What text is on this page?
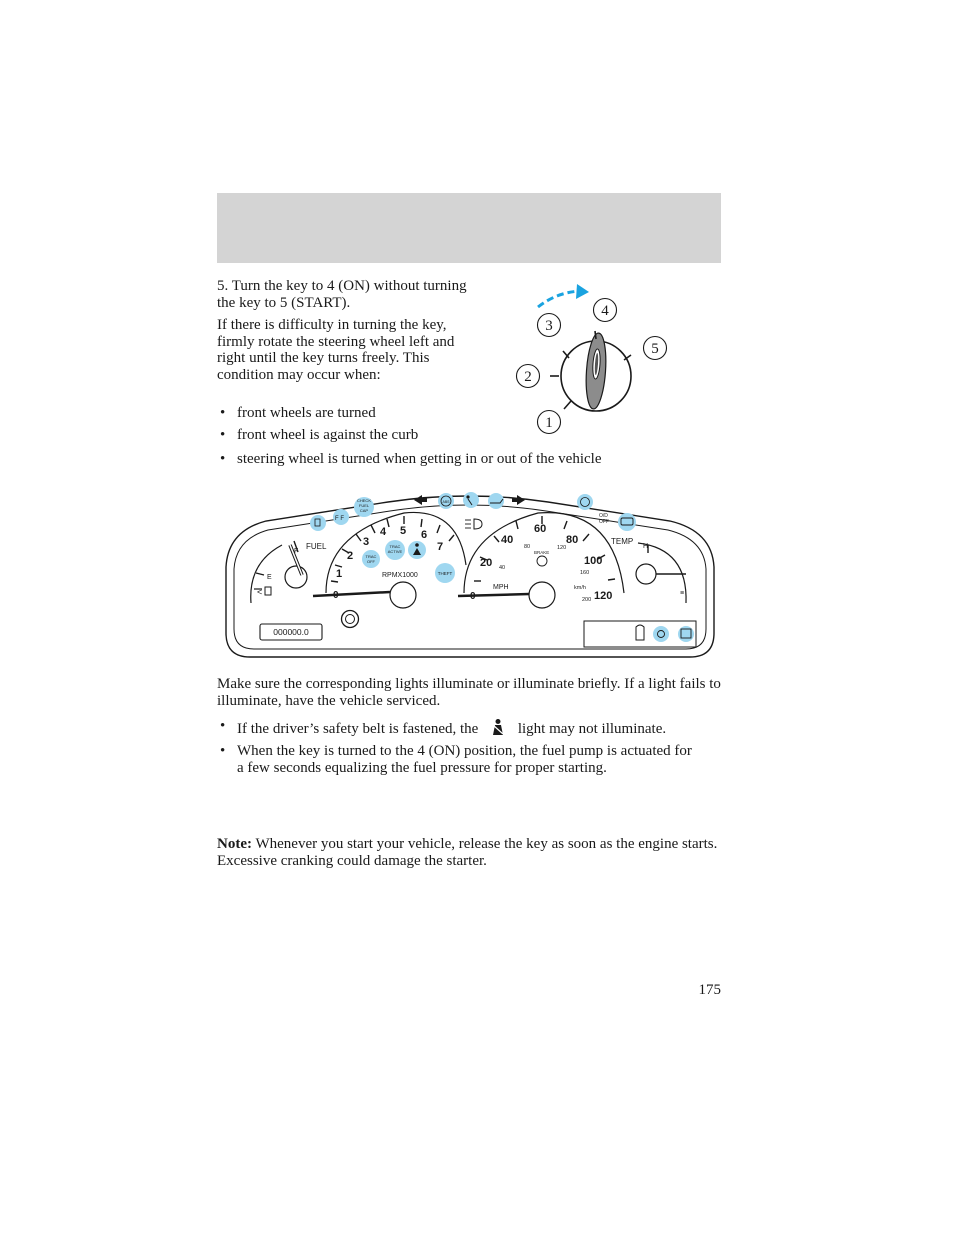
5. Turn the key to 4 (ON) without turning the key to 5 (START).

If there is difficulty in turning the key, firmly rotate the steering wheel left and right until the key turns freely. This condition may occur when:

• front wheels are turned
• front wheel is against the curb
• steering wheel is turned when getting in or out of the vehicle
1
2
3
4
5
FUEL
F
E
<	0
1
2
3
4 5 6
7
RPMX1000
0
20
40
60
80
100
120
40
80	120
160
200
BRAKE
MPH	km/h
TEMP
H
≡
F F
CHECK
FUEL
CAP
ABS
O/D
OFF
TRAC
OFF
TRAC
ACTIVE
THEFT
000000.0

Make sure the corresponding lights illuminate or illuminate briefly. If a light fails to illuminate, have the vehicle serviced.

• If the driver’s safety belt is fastened, the	light may not illuminate.
• When the key is turned to the 4 (ON) position, the fuel pump is actuated for a few seconds equalizing the fuel pressure for proper starting.

Note: Whenever you start your vehicle, release the key as soon as the engine starts. Excessive cranking could damage the starter.

175
